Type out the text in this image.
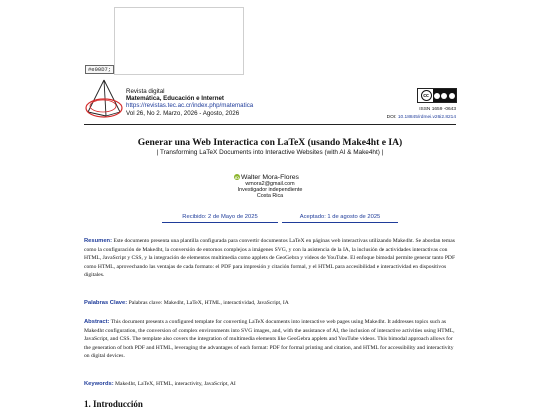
#e00D7;
Revista digital
Matemática, Educación e Internet
https://revistas.tec.ac.cr/index.php/matematica
Vol 26, No 2. Marzo, 2026 - Agosto, 2026
cc
ISSN 1659 -0643
DOI: 10.18845/rdmei.v26i2.8214
Generar una Web Interactica con LaTeX (usando Make4ht e IA)
| Transforming LaTeX Documents into Interactive Websites (with AI & Make4ht) |
iD Walter Mora-Flores
wmora2@gmail.com
Investigador independiente
Costa Rica
Recibido: 2 de Mayo de 2025	Aceptado: 1 de agosto de 2025
Resumen: Este documento presenta una plantilla configurada para convertir documentos LaTeX en páginas web interactivas utilizando Make4ht. Se abordan temas como la configuración de Make4ht, la conversión de entornos complejos a imágenes SVG, y con la asistencia de la IA, la inclusión de actividades interactivas con HTML, JavaScript y CSS, y la integración de elementos multimedia como applets de GeoGebra y videos de YouTube. El enfoque bimodal permite generar tanto PDF como HTML, aprovechando las ventajas de cada formato: el PDF para impresión y citación formal, y el HTML para accesibilidad e interactividad en dispositivos digitales.
Palabras Clave: Palabras clave: Make4ht, LaTeX, HTML, interactividad, JavaScript, IA
Abstract: This document presents a configured template for converting LaTeX documents into interactive web pages using Make4ht. It addresses topics such as Make4ht configuration, the conversion of complex environments into SVG images, and, with the assistance of AI, the inclusion of interactive activities using HTML, JavaScript, and CSS. The template also covers the integration of multimedia elements like GeoGebra applets and YouTube videos. This bimodal approach allows for the generation of both PDF and HTML, leveraging the advantages of each format: PDF for formal printing and citation, and HTML for accessibility and interactivity on digital devices.
Keywords: Make4ht, LaTeX, HTML, interactivity, JavaScript, AI
1. Introducción
